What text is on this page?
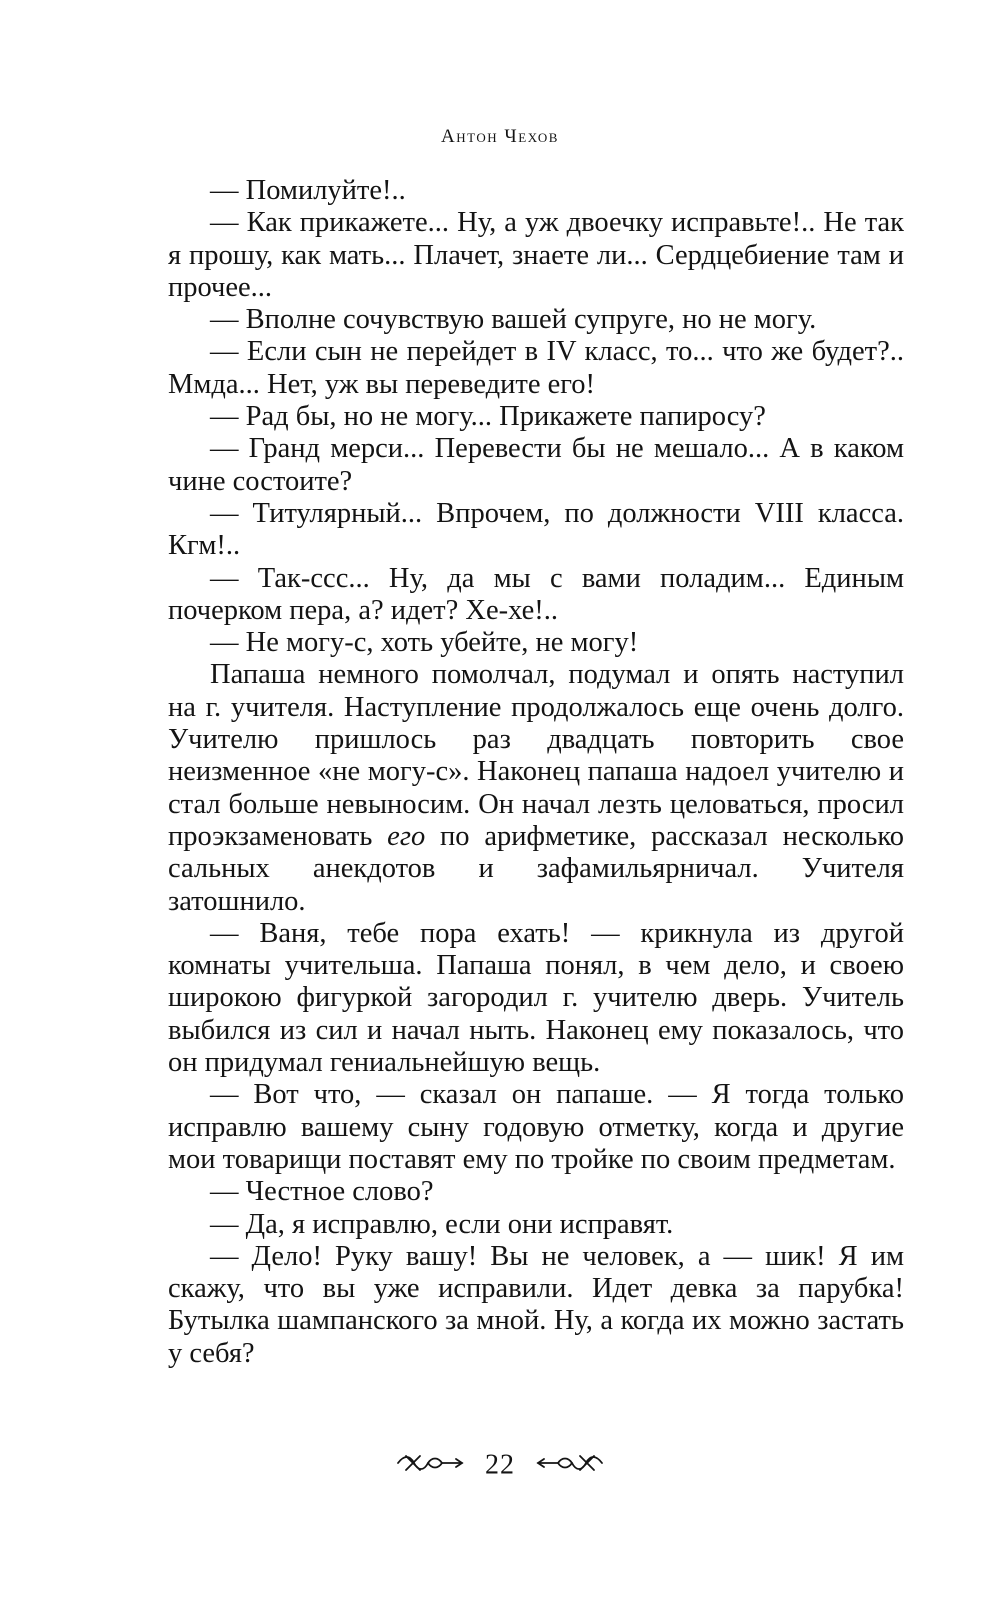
Антон Чехов

— Помилуйте!..

— Как прикажете... Ну, а уж двоечку исправьте!.. Не так я прошу, как мать... Плачет, знаете ли... Сердцебиение там и прочее...

— Вполне сочувствую вашей супруге, но не могу.

— Если сын не перейдет в IV класс, то... что же будет?.. Ммда... Нет, уж вы переведите его!

— Рад бы, но не могу... Прикажете папиросу?

— Гранд мерси... Перевести бы не мешало... А в каком чине состоите?

— Титулярный... Впрочем, по должности VIII класса. Кгм!..

— Так-ссс... Ну, да мы с вами поладим... Единым почерком пера, а? идет? Хе-хе!..

— Не могу-с, хоть убейте, не могу!

Папаша немного помолчал, подумал и опять наступил на г. учителя. Наступление продолжалось еще очень долго. Учителю пришлось раз двадцать повторить свое неизменное «не могу-с». Наконец папаша надоел учителю и стал больше невыносим. Он начал лезть целоваться, просил проэкзаменовать его по арифметике, рассказал несколько сальных анекдотов и зафамильярничал. Учителя затошнило.

— Ваня, тебе пора ехать! — крикнула из другой комнаты учительша. Папаша понял, в чем дело, и своею широкою фигуркой загородил г. учителю дверь. Учитель выбился из сил и начал ныть. Наконец ему показалось, что он придумал гениальнейшую вещь.

— Вот что, — сказал он папаше. — Я тогда только исправлю вашему сыну годовую отметку, когда и другие мои товарищи поставят ему по тройке по своим предметам.

— Честное слово?

— Да, я исправлю, если они исправят.

— Дело! Руку вашу! Вы не человек, а — шик! Я им скажу, что вы уже исправили. Идет девка за парубка! Бутылка шампанского за мной. Ну, а когда их можно застать у себя?

22
